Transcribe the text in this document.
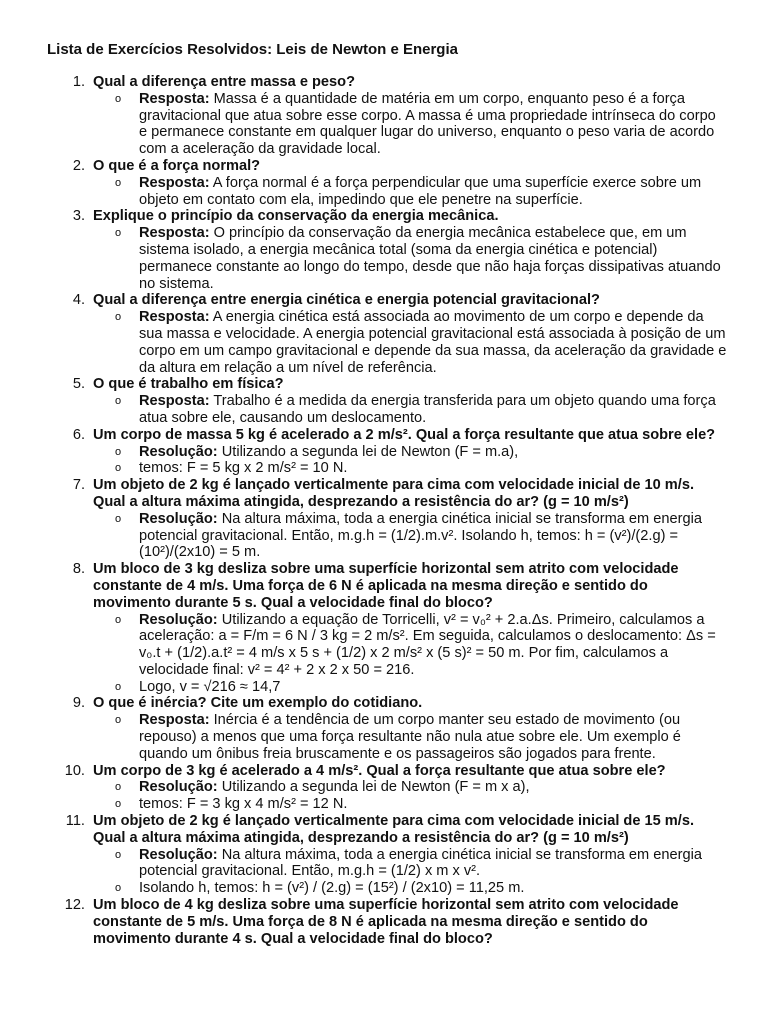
Lista de Exercícios Resolvidos: Leis de Newton e Energia
1. Qual a diferença entre massa e peso?
o Resposta: Massa é a quantidade de matéria em um corpo, enquanto peso é a força gravitacional que atua sobre esse corpo. A massa é uma propriedade intrínseca do corpo e permanece constante em qualquer lugar do universo, enquanto o peso varia de acordo com a aceleração da gravidade local.
2. O que é a força normal?
o Resposta: A força normal é a força perpendicular que uma superfície exerce sobre um objeto em contato com ela, impedindo que ele penetre na superfície.
3. Explique o princípio da conservação da energia mecânica.
o Resposta: O princípio da conservação da energia mecânica estabelece que, em um sistema isolado, a energia mecânica total (soma da energia cinética e potencial) permanece constante ao longo do tempo, desde que não haja forças dissipativas atuando no sistema.
4. Qual a diferença entre energia cinética e energia potencial gravitacional?
o Resposta: A energia cinética está associada ao movimento de um corpo e depende da sua massa e velocidade. A energia potencial gravitacional está associada à posição de um corpo em um campo gravitacional e depende da sua massa, da aceleração da gravidade e da altura em relação a um nível de referência.
5. O que é trabalho em física?
o Resposta: Trabalho é a medida da energia transferida para um objeto quando uma força atua sobre ele, causando um deslocamento.
6. Um corpo de massa 5 kg é acelerado a 2 m/s². Qual a força resultante que atua sobre ele?
o Resolução: Utilizando a segunda lei de Newton (F = m.a),
o temos: F = 5 kg x 2 m/s² = 10 N.
7. Um objeto de 2 kg é lançado verticalmente para cima com velocidade inicial de 10 m/s. Qual a altura máxima atingida, desprezando a resistência do ar? (g = 10 m/s²)
o Resolução: Na altura máxima, toda a energia cinética inicial se transforma em energia potencial gravitacional. Então, m.g.h = (1/2).m.v². Isolando h, temos: h = (v²)/(2.g) = (10²)/(2x10) = 5 m.
8. Um bloco de 3 kg desliza sobre uma superfície horizontal sem atrito com velocidade constante de 4 m/s. Uma força de 6 N é aplicada na mesma direção e sentido do movimento durante 5 s. Qual a velocidade final do bloco?
o Resolução: Utilizando a equação de Torricelli, v² = v₀² + 2.a.Δs. Primeiro, calculamos a aceleração: a = F/m = 6 N / 3 kg = 2 m/s². Em seguida, calculamos o deslocamento: Δs = v₀.t + (1/2).a.t² = 4 m/s x 5 s + (1/2) x 2 m/s² x (5 s)² = 50 m. Por fim, calculamos a velocidade final: v² = 4² + 2 x 2 x 50 = 216.
o Logo, v = √216 ≈ 14,7
9. O que é inércia? Cite um exemplo do cotidiano.
o Resposta: Inércia é a tendência de um corpo manter seu estado de movimento (ou repouso) a menos que uma força resultante não nula atue sobre ele. Um exemplo é quando um ônibus freia bruscamente e os passageiros são jogados para frente.
10. Um corpo de 3 kg é acelerado a 4 m/s². Qual a força resultante que atua sobre ele?
o Resolução: Utilizando a segunda lei de Newton (F = m x a),
o temos: F = 3 kg x 4 m/s² = 12 N.
11. Um objeto de 2 kg é lançado verticalmente para cima com velocidade inicial de 15 m/s. Qual a altura máxima atingida, desprezando a resistência do ar? (g = 10 m/s²)
o Resolução: Na altura máxima, toda a energia cinética inicial se transforma em energia potencial gravitacional. Então, m.g.h = (1/2) x m x v².
o Isolando h, temos: h = (v²) / (2.g) = (15²) / (2x10) = 11,25 m.
12. Um bloco de 4 kg desliza sobre uma superfície horizontal sem atrito com velocidade constante de 5 m/s. Uma força de 8 N é aplicada na mesma direção e sentido do movimento durante 4 s. Qual a velocidade final do bloco?
